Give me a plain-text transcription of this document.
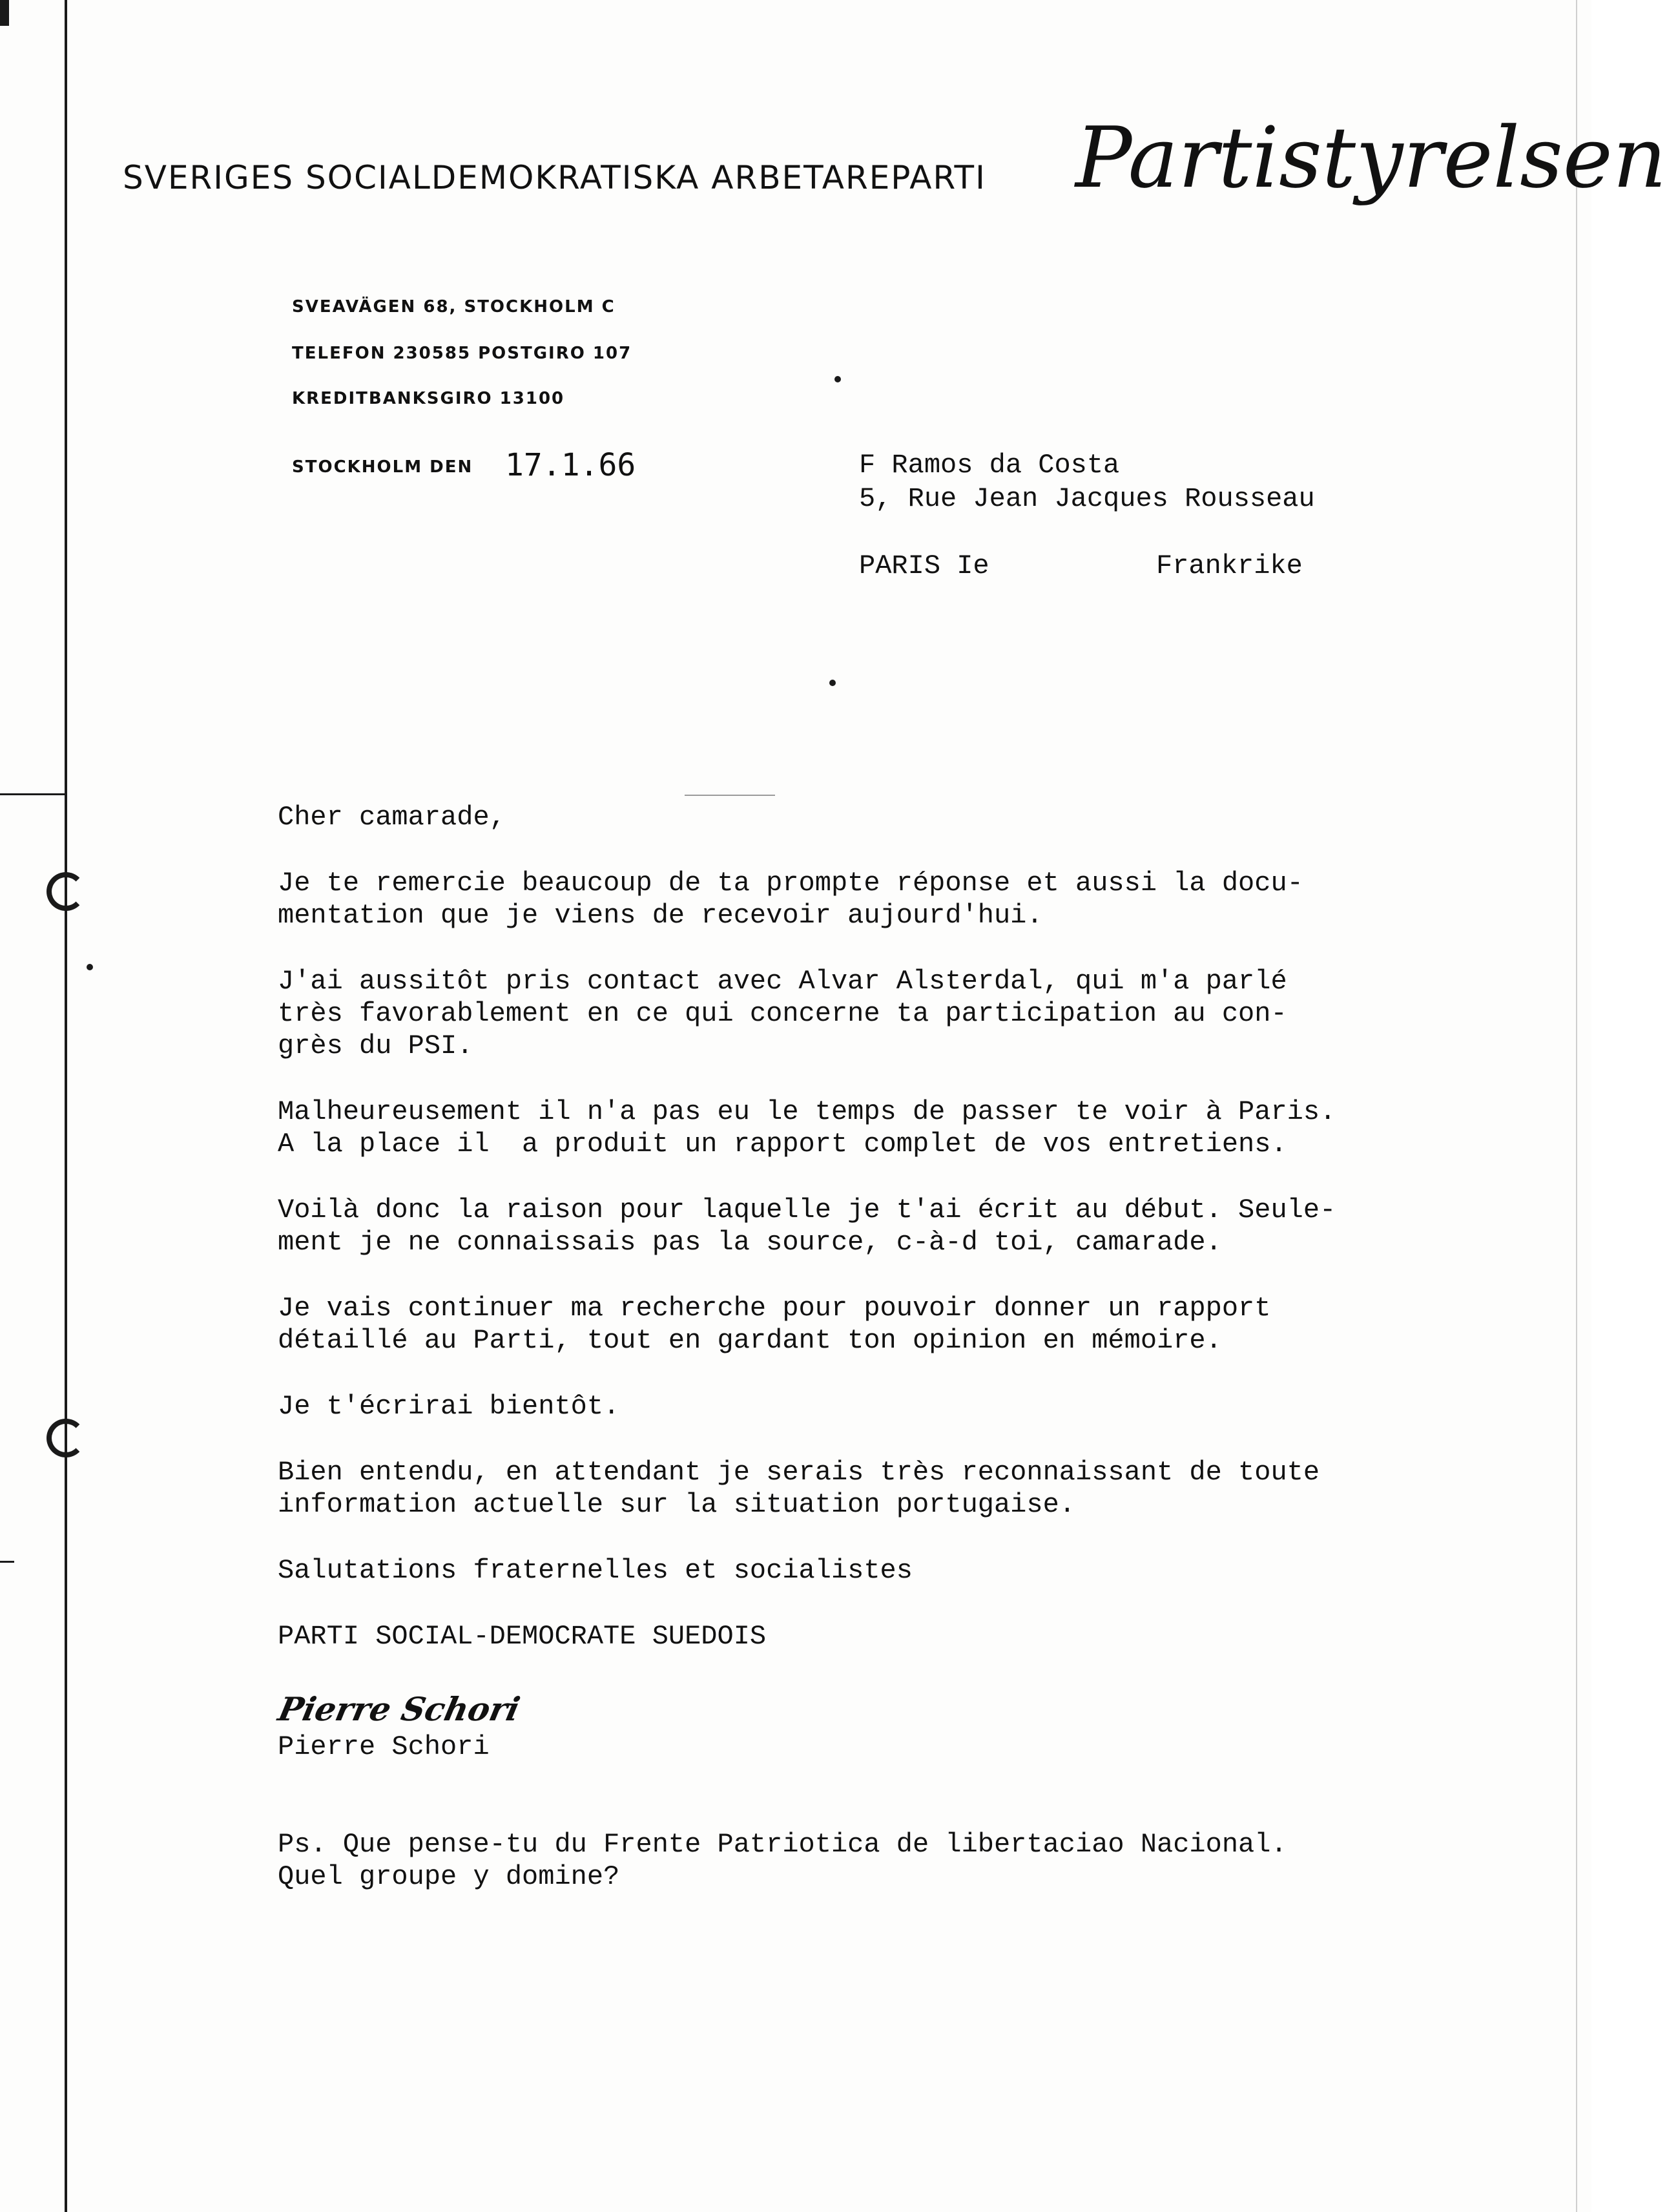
SVERIGES SOCIALDEMOKRATISKA ARBETAREPARTI Partistyrelsen
SVEAVÄGEN 68, STOCKHOLM C
TELEFON 230585 POSTGIRO 107
KREDITBANKSGIRO 13100
STOCKHOLM DEN 17.1.66	F Ramos da Costa
5, Rue Jean Jacques Rousseau
PARIS Ie	Frankrike

Cher camarade,

Je te remercie beaucoup de ta prompte réponse et aussi la docu-
mentation que je viens de recevoir aujourd'hui.

J'ai aussitôt pris contact avec Alvar Alsterdal, qui m'a parlé
très favorablement en ce qui concerne ta participation au con-
grès du PSI.

Malheureusement il n'a pas eu le temps de passer te voir à Paris.
A la place il  a produit un rapport complet de vos entretiens.

Voilà donc la raison pour laquelle je t'ai écrit au début. Seule-
ment je ne connaissais pas la source, c-à-d toi, camarade.

Je vais continuer ma recherche pour pouvoir donner un rapport
détaillé au Parti, tout en gardant ton opinion en mémoire.

Je t'écrirai bientôt.

Bien entendu, en attendant je serais très reconnaissant de toute
information actuelle sur la situation portugaise.

Salutations fraternelles et socialistes

PARTI SOCIAL-DEMOCRATE SUEDOIS

Pierre Schori
Pierre Schori
Ps. Que pense-tu du Frente Patriotica de libertaciao Nacional.
Quel groupe y domine?
